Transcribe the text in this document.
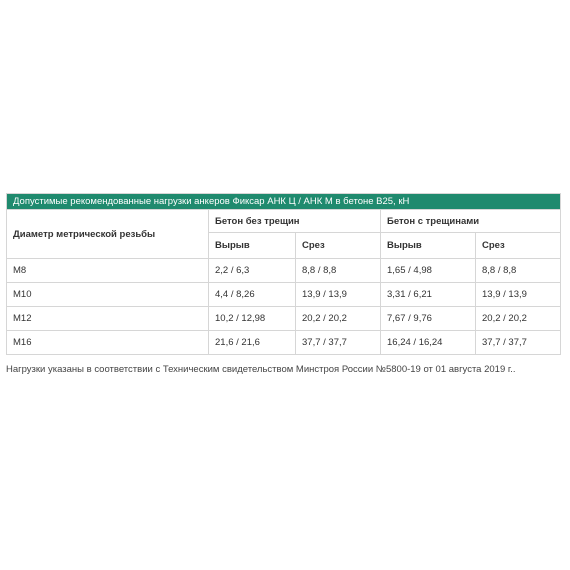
Допустимые рекомендованные нагрузки анкеров Фиксар АНК Ц / АНК М в бетоне В25, кН				
Диаметр метрической резьбы	Бетон без трещин		Бетон с трещинами	
	Вырыв	Срез	Вырыв	Срез
М8	2,2 / 6,3	8,8 / 8,8	1,65 / 4,98	8,8 / 8,8
М10	4,4 / 8,26	13,9 / 13,9	3,31 / 6,21	13,9 / 13,9
М12	10,2 / 12,98	20,2 / 20,2	7,67 / 9,76	20,2 / 20,2
М16	21,6 / 21,6	37,7 / 37,7	16,24 / 16,24	37,7 / 37,7
Нагрузки указаны в соответствии с Техническим свидетельством Минстроя России №5800-19 от 01 августа 2019 г..
